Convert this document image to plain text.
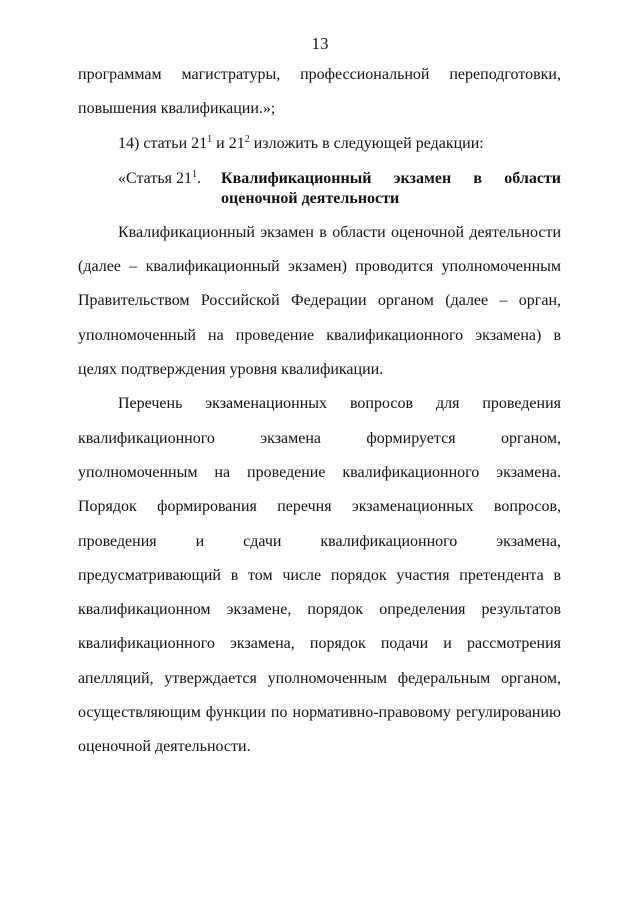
13

программам магистратуры, профессиональной переподготовки,

повышения квалификации.»;

14) статьи $21^1$ и $21^2$ изложить в следующей редакции:

«Статья $21^1$.	Квалификационный экзамен в области
оценочной деятельности

Квалификационный экзамен в области оценочной деятельности

(далее – квалификационный экзамен) проводится уполномоченным

Правительством Российской Федерации органом (далее – орган,

уполномоченный на проведение квалификационного экзамена) в

целях подтверждения уровня квалификации.

Перечень экзаменационных вопросов для проведения

квалификационного экзамена формируется органом,

уполномоченным на проведение квалификационного экзамена.

Порядок формирования перечня экзаменационных вопросов,

проведения и сдачи квалификационного экзамена,

предусматривающий в том числе порядок участия претендента в

квалификационном экзамене, порядок определения результатов

квалификационного экзамена, порядок подачи и рассмотрения

апелляций, утверждается уполномоченным федеральным органом,

осуществляющим функции по нормативно-правовому регулированию

оценочной деятельности.
